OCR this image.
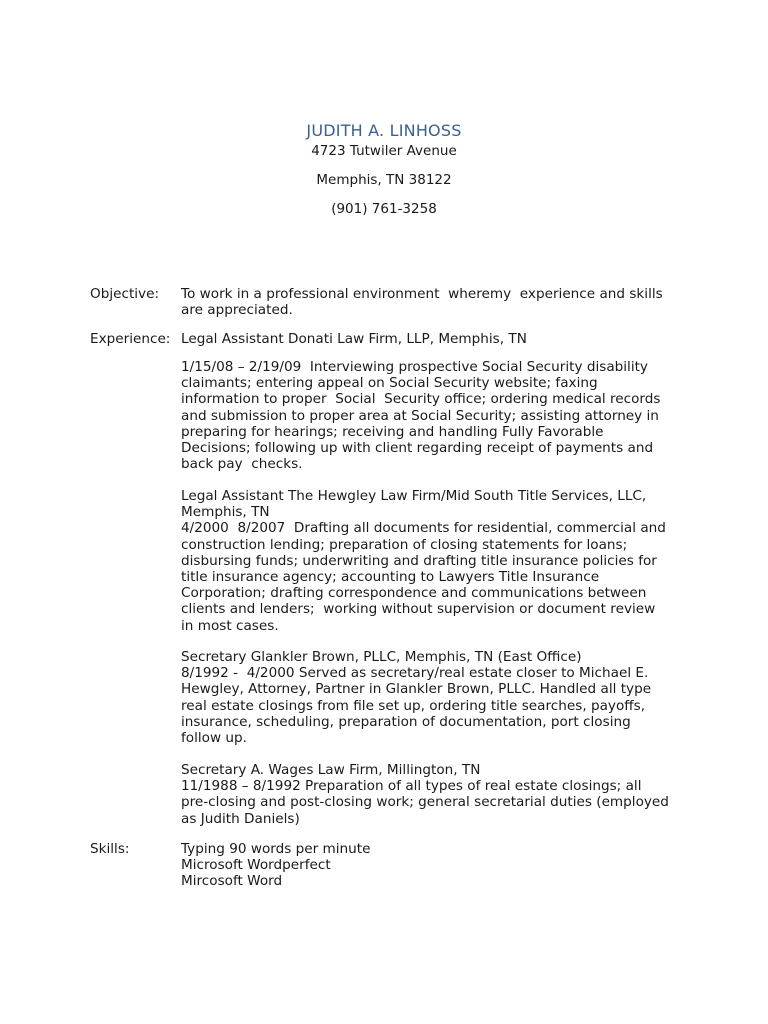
JUDITH A. LINHOSS
4723 Tutwiler Avenue
Memphis, TN 38122
(901) 761-3258
Objective:	To work in a professional environment  wheremy  experience and skills
are appreciated.

Experience: Legal Assistant Donati Law Firm, LLP, Memphis, TN

1/15/08 – 2/19/09  Interviewing prospective Social Security disability
claimants; entering appeal on Social Security website; faxing
information to proper  Social  Security office; ordering medical records
and submission to proper area at Social Security; assisting attorney in
preparing for hearings; receiving and handling Fully Favorable
Decisions; following up with client regarding receipt of payments and
back pay  checks.

Legal Assistant The Hewgley Law Firm/Mid South Title Services, LLC,
Memphis, TN
4/2000  8/2007  Drafting all documents for residential, commercial and
construction lending; preparation of closing statements for loans;
disbursing funds; underwriting and drafting title insurance policies for
title insurance agency; accounting to Lawyers Title Insurance
Corporation; drafting correspondence and communications between
clients and lenders;  working without supervision or document review
in most cases.

Secretary Glankler Brown, PLLC, Memphis, TN (East Office)
8/1992 -  4/2000 Served as secretary/real estate closer to Michael E.
Hewgley, Attorney, Partner in Glankler Brown, PLLC. Handled all type
real estate closings from file set up, ordering title searches, payoffs,
insurance, scheduling, preparation of documentation, port closing
follow up.

Secretary A. Wages Law Firm, Millington, TN
11/1988 – 8/1992 Preparation of all types of real estate closings; all
pre-closing and post-closing work; general secretarial duties (employed
as Judith Daniels)

Skills:	Typing 90 words per minute

Microsoft Wordperfect

Mircosoft Word
